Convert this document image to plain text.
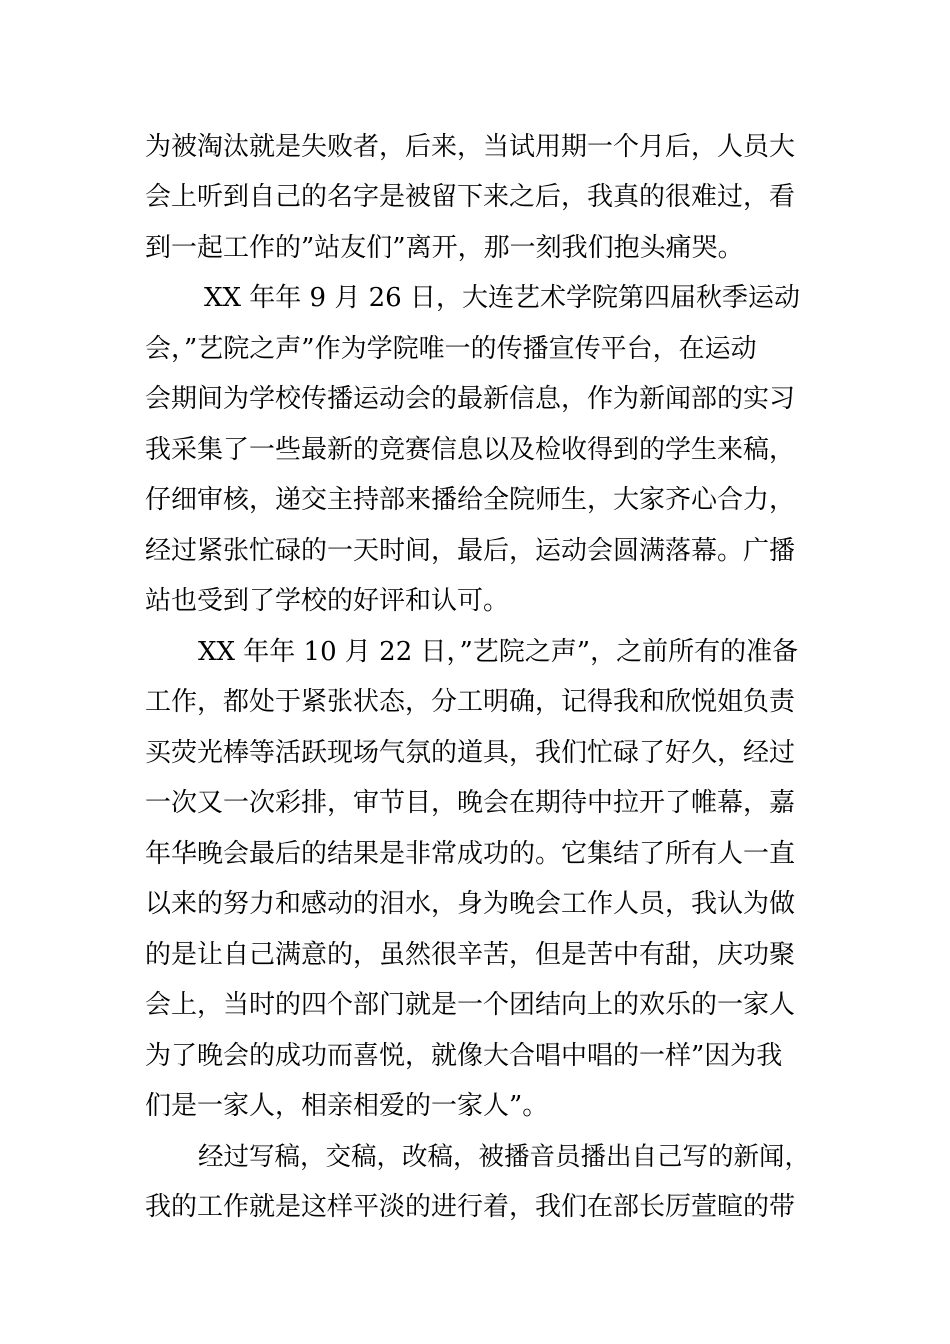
为被淘汰就是失败者，后来，当试用期一个月后，人员大
会上听到自己的名字是被留下来之后，我真的很难过，看
到一起工作的”站友们”离开，那一刻我们抱头痛哭。
XX 年年 9 月 26 日，大连艺术学院第四届秋季运动
会，”艺院之声”作为学院唯一的传播宣传平台，在运动
会期间为学校传播运动会的最新信息，作为新闻部的实习
我采集了一些最新的竞赛信息以及检收得到的学生来稿，
仔细审核，递交主持部来播给全院师生，大家齐心合力，
经过紧张忙碌的一天时间，最后，运动会圆满落幕。广播
站也受到了学校的好评和认可。
XX 年年 10 月 22 日，”艺院之声”，之前所有的准备
工作，都处于紧张状态，分工明确，记得我和欣悦姐负责
买荧光棒等活跃现场气氛的道具，我们忙碌了好久，经过
一次又一次彩排，审节目，晚会在期待中拉开了帷幕，嘉
年华晚会最后的结果是非常成功的。它集结了所有人一直
以来的努力和感动的泪水，身为晚会工作人员，我认为做
的是让自己满意的，虽然很辛苦，但是苦中有甜，庆功聚
会上，当时的四个部门就是一个团结向上的欢乐的一家人
为了晚会的成功而喜悦，就像大合唱中唱的一样”因为我
们是一家人，相亲相爱的一家人”。
经过写稿，交稿，改稿，被播音员播出自己写的新闻，
我的工作就是这样平淡的进行着，我们在部长厉萱暄的带
